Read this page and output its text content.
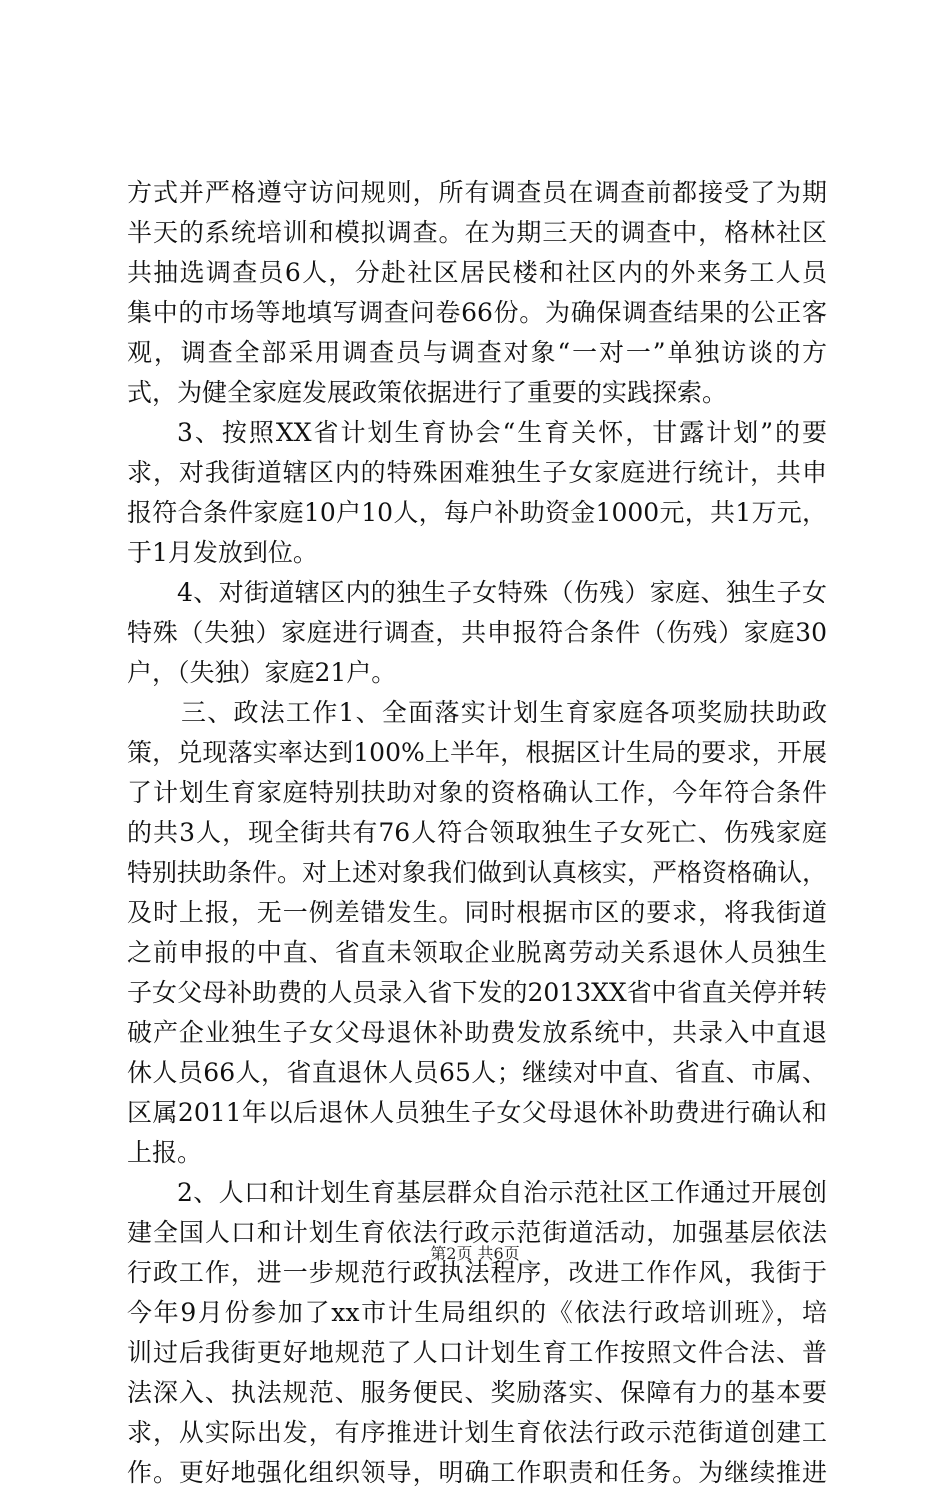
方式并严格遵守访问规则，所有调查员在调查前都接受了为期
半天的系统培训和模拟调查。在为期三天的调查中，格林社区
共抽选调查员6人，分赴社区居民楼和社区内的外来务工人员
集中的市场等地填写调查问卷66份。为确保调查结果的公正客
观，调查全部采用调查员与调查对象“一对一”单独访谈的方
式，为健全家庭发展政策依据进行了重要的实践探索。
3、按照XX省计划生育协会“生育关怀，甘露计划”的要
求，对我街道辖区内的特殊困难独生子女家庭进行统计，共申
报符合条件家庭10户10人，每户补助资金1000元，共1万元，
于1月发放到位。
4、对街道辖区内的独生子女特殊（伤残）家庭、独生子女
特殊（失独）家庭进行调查，共申报符合条件（伤残）家庭30
户，（失独）家庭21户。
三、政法工作1、全面落实计划生育家庭各项奖励扶助政
策，兑现落实率达到100%上半年，根据区计生局的要求，开展
了计划生育家庭特别扶助对象的资格确认工作，今年符合条件
的共3人，现全街共有76人符合领取独生子女死亡、伤残家庭
特别扶助条件。对上述对象我们做到认真核实，严格资格确认，
及时上报，无一例差错发生。同时根据市区的要求，将我街道
之前申报的中直、省直未领取企业脱离劳动关系退休人员独生
子女父母补助费的人员录入省下发的2013XX省中省直关停并转
破产企业独生子女父母退休补助费发放系统中，共录入中直退
休人员66人，省直退休人员65人；继续对中直、省直、市属、
区属2011年以后退休人员独生子女父母退休补助费进行确认和
上报。
2、人口和计划生育基层群众自治示范社区工作通过开展创
建全国人口和计划生育依法行政示范街道活动，加强基层依法
行政工作，进一步规范行政执法程序，改进工作作风，我街于
今年9月份参加了xx市计生局组织的《依法行政培训班》，培
训过后我街更好地规范了人口计划生育工作按照文件合法、普
法深入、执法规范、服务便民、奖励落实、保障有力的基本要
求，从实际出发，有序推进计划生育依法行政示范街道创建工
作。更好地强化组织领导，明确工作职责和任务。为继续推进
第2页 共6页
